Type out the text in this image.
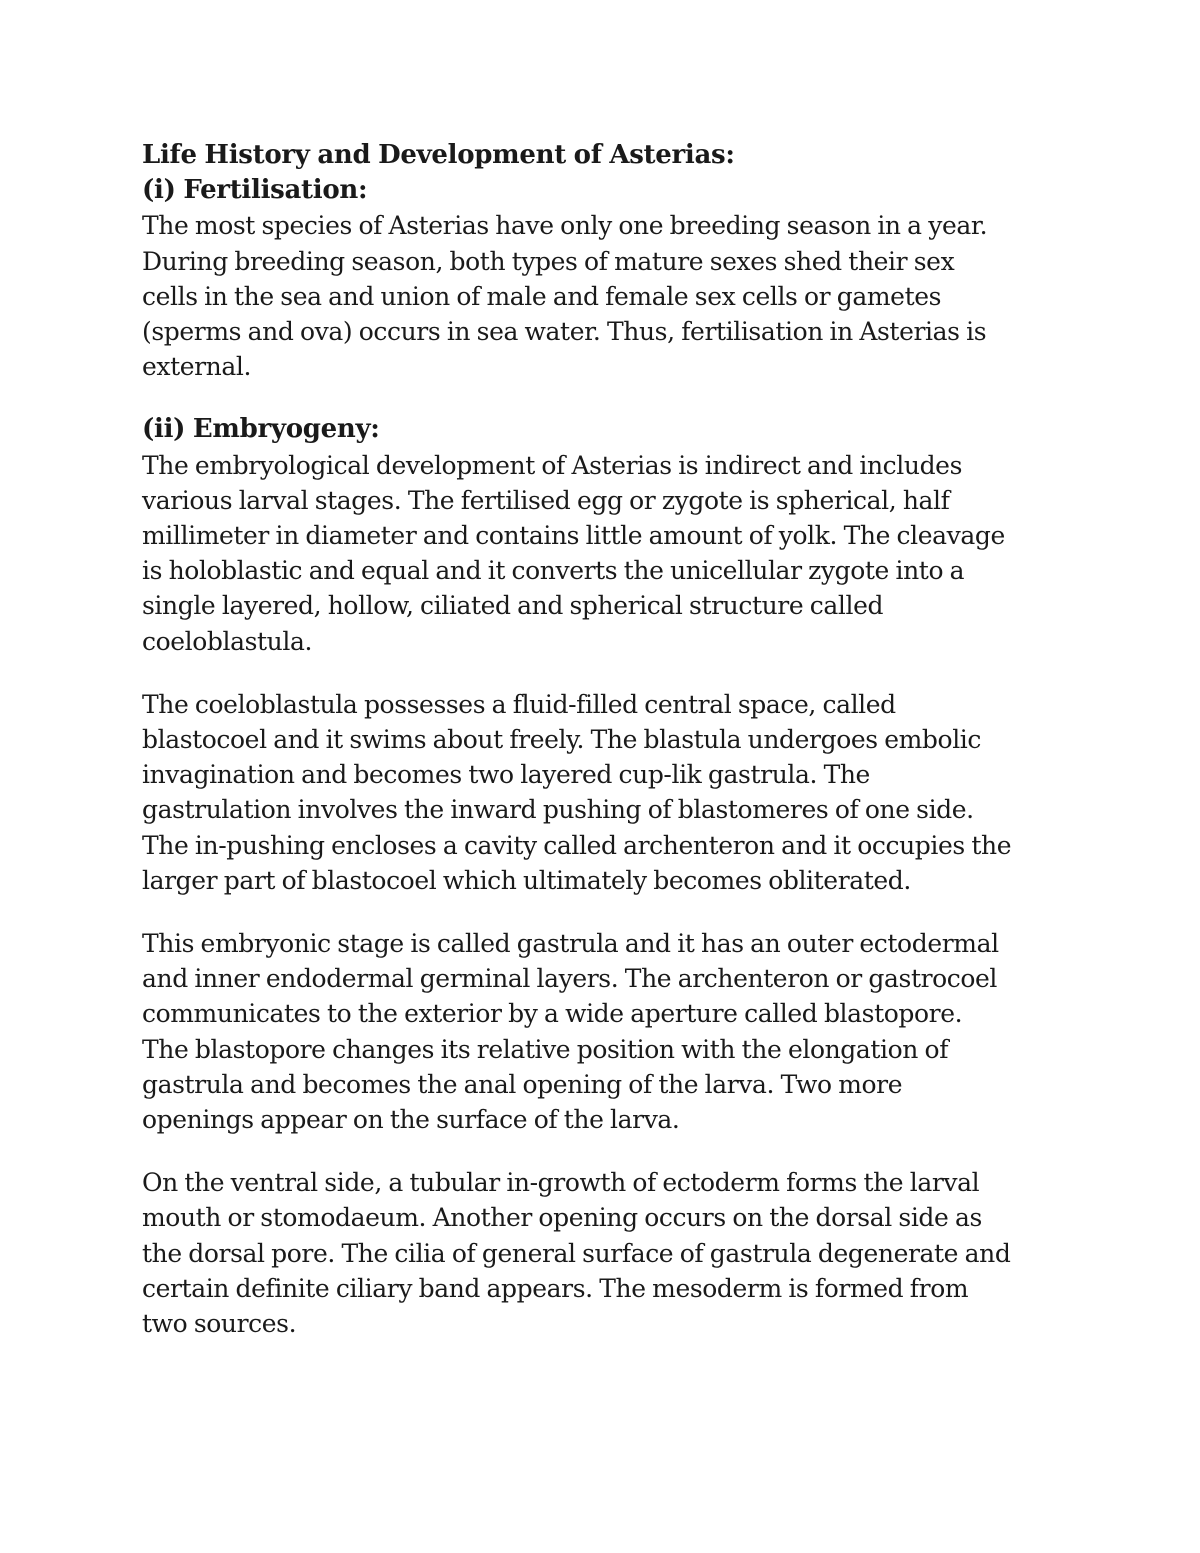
Life History and Development of Asterias:
(i) Fertilisation:

The most species of Asterias have only one breeding season in a year.
During breeding season, both types of mature sexes shed their sex
cells in the sea and union of male and female sex cells or gametes
(sperms and ova) occurs in sea water. Thus, fertilisation in Asterias is
external.

(ii) Embryogeny:

The embryological development of Asterias is indirect and includes
various larval stages. The fertilised egg or zygote is spherical, half
millimeter in diameter and contains little amount of yolk. The cleavage
is holoblastic and equal and it converts the unicellular zygote into a
single layered, hollow, ciliated and spherical structure called
coeloblastula.

The coeloblastula possesses a fluid-filled central space, called
blastocoel and it swims about freely. The blastula undergoes embolic
invagination and becomes two layered cup-lik gastrula. The
gastrulation involves the inward pushing of blastomeres of one side.
The in-pushing encloses a cavity called archenteron and it occupies the
larger part of blastocoel which ultimately becomes obliterated.

This embryonic stage is called gastrula and it has an outer ectodermal
and inner endodermal germinal layers. The archenteron or gastrocoel
communicates to the exterior by a wide aperture called blastopore.
The blastopore changes its relative position with the elongation of
gastrula and becomes the anal opening of the larva. Two more
openings appear on the surface of the larva.

On the ventral side, a tubular in-growth of ectoderm forms the larval
mouth or stomodaeum. Another opening occurs on the dorsal side as
the dorsal pore. The cilia of general surface of gastrula degenerate and
certain definite ciliary band appears. The mesoderm is formed from
two sources.
